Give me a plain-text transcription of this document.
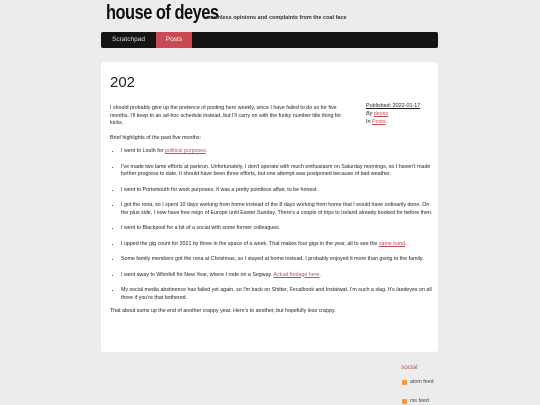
house of deyes
worthless opinions and complaints from the coal face
Scratchpad	Posts
202
Published: 2022-01-17
By deyes
In Posts.

I should probably give up the pretence of posting here weekly, since I have failed to do so for five months. I'll keep to an ad-hoc schedule instead, but I'll carry on with the funky number title thing for kicks.

Brief highlights of the past five months:

• I went to Louth for political purposes.
• I've made two lame efforts at parkrun. Unfortunately, I don't operate with much enthusiasm on Saturday mornings, so I haven't made further progress to date. It should have been three efforts, but one attempt was postponed because of bad weather.
• I went to Portsmouth for work purposes. It was a pretty pointless affair, to be honest.
• I got the rona, so I spent 10 days working from home instead of the 8 days working from home that I would have ordinarily done. On the plus side, I now have free reign of Europe until Easter Sunday. There's a couple of trips to Ireland already booked for before then.
• I went to Blackpool for a bit of a social with some former colleagues.
• I upped the gig count for 2021 by three in the space of a week. That makes four gigs in the year, all to see the same band.
• Some family members got the rona at Christmas, so I stayed at home instead. I probably enjoyed it more than going to the family.
• I went away to Whinfell for New Year, where I rode on a Segway. Actual footage here.
• My social media abstinence has failed yet again, so I'm back on Shitter, Fecalbook and Instatwat. I'm such a slag. It's /aedeyes on all three if you're that bothered.

That about sums up the end of another crappy year. Here's to another, but hopefully less crappy.

social
atom feed
rss feed
